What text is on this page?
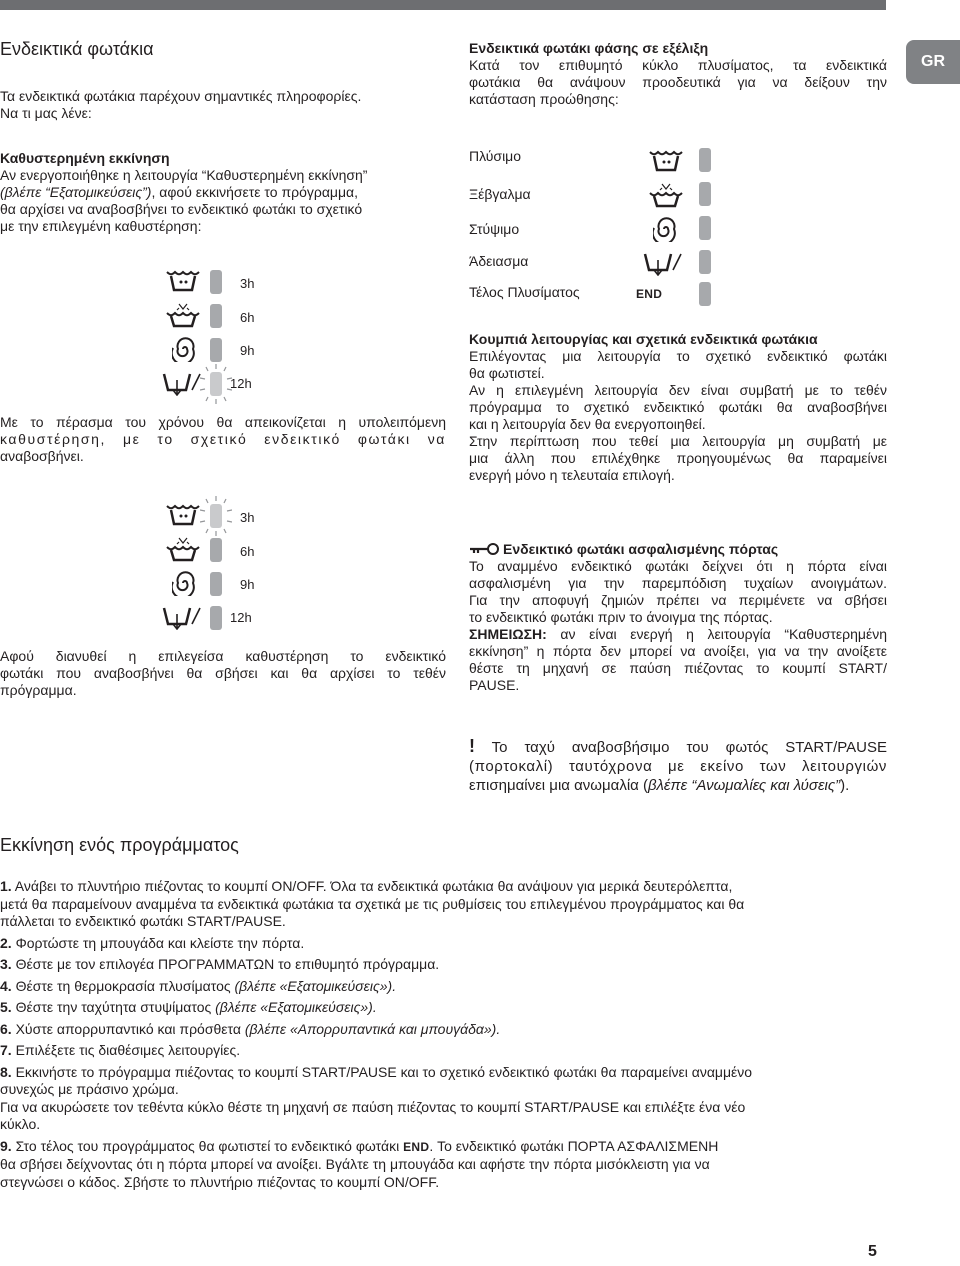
GR
Ενδεικτικά φωτάκια

Τα ενδεικτικά φωτάκια παρέχουν σημαντικές πληροφορίες.

Να τι μας λένε:

Καθυστερημένη εκκίνηση

Αν ενεργοποιήθηκε η λειτουργία “Καθυστερημένη εκκίνηση”

(βλέπε “Εξατομικεύσεις”), αφού εκκινήσετε το πρόγραμμα,

θα αρχίσει να αναβοσβήνει το ενδεικτικό φωτάκι το σχετικό

με την επιλεγμένη καθυστέρηση:

3h
6h
9h
12h

Με το πέρασμα του χρόνου θα απεικονίζεται η υπολειπόμενη

καθυστέρηση, με το σχετικό ενδεικτικό φωτάκι να

αναβοσβήνει.

3h
6h
9h
12h

Αφού διανυθεί η επιλεγείσα καθυστέρηση το ενδεικτικό

φωτάκι που αναβοσβήνει θα σβήσει και θα αρχίσει το τεθέν

πρόγραμμα.

Ενδεικτικά φωτάκι φάσης σε εξέλιξη

Κατά τον επιθυμητό κύκλο πλυσίματος, τα ενδεικτικά

φωτάκια θα ανάψουν προοδευτικά για να δείξουν την

κατάσταση προώθησης:

Πλύσιμο
Ξέβγαλμα
Στύψιμο
Άδειασμα
Τέλος Πλυσίματος	END

Κουμπιά λειτουργίας και σχετικά ενδεικτικά φωτάκια

Επιλέγοντας μια λειτουργία το σχετικό ενδεικτικό φωτάκι

θα φωτιστεί.

Αν η επιλεγμένη λειτουργία δεν είναι συμβατή με το τεθέν

πρόγραμμα το σχετικό ενδεικτικό φωτάκι θα αναβοσβήνει

και η λειτουργία δεν θα ενεργοποιηθεί.

Στην περίπτωση που τεθεί μια λειτουργία μη συμβατή με

μια άλλη που επιλέχθηκε προηγουμένως θα παραμείνει

ενεργή μόνο η τελευταία επιλογή.

Ενδεικτικό φωτάκι ασφαλισμένης πόρτας

Το αναμμένο ενδεικτικό φωτάκι δείχνει ότι η πόρτα είναι

ασφαλισμένη για την παρεμπόδιση τυχαίων ανοιγμάτων.

Για την αποφυγή ζημιών πρέπει να περιμένετε να σβήσει

το ενδεικτικό φωτάκι πριν το άνοιγμα της πόρτας.

ΣΗΜΕΙΩΣΗ: αν είναι ενεργή η λειτουργία “Καθυστερημένη

εκκίνηση” η πόρτα δεν μπορεί να ανοίξει, για να την ανοίξετε

θέστε τη μηχανή σε παύση πιέζοντας το κουμπί START/

PAUSE.

! Το ταχύ αναβοσβήσιμο του φωτός START/PAUSE

(πορτοκαλί) ταυτόχρονα με εκείνο των λειτουργιών

επισημαίνει μια ανωμαλία (βλέπε “Ανωμαλίες και λύσεις”).

Εκκίνηση ενός προγράμματος

1. Ανάβει το πλυντήριο πιέζοντας το κουμπί ON/OFF. Όλα τα ενδεικτικά φωτάκια θα ανάψουν για μερικά δευτερόλεπτα,

μετά θα παραμείνουν αναμμένα τα ενδεικτικά φωτάκια τα σχετικά με τις ρυθμίσεις του επιλεγμένου προγράμματος και θα

πάλλεται το ενδεικτικό φωτάκι START/PAUSE.

2. Φορτώστε τη μπουγάδα και κλείστε την πόρτα.

3. Θέστε με τον επιλογέα ΠΡΟΓΡΑΜΜΑΤΩΝ το επιθυμητό πρόγραμμα.

4. Θέστε τη θερμοκρασία πλυσίματος (βλέπε «Εξατομικεύσεις»).

5. Θέστε την ταχύτητα στυψίματος (βλέπε «Εξατομικεύσεις»).

6. Χύστε απορρυπαντικό και πρόσθετα (βλέπε «Απορρυπαντικά και μπουγάδα»).

7. Επιλέξετε τις διαθέσιμες λειτουργίες.

8. Εκκινήστε το πρόγραμμα πιέζοντας το κουμπί START/PAUSE και το σχετικό ενδεικτικό φωτάκι θα παραμείνει αναμμένο

συνεχώς με πράσινο χρώμα.

Για να ακυρώσετε τον τεθέντα κύκλο θέστε τη μηχανή σε παύση πιέζοντας το κουμπί START/PAUSE και επιλέξτε ένα νέο

κύκλο.

9. Στο τέλος του προγράμματος θα φωτιστεί το ενδεικτικό φωτάκι END. Το ενδεικτικό φωτάκι ΠΟΡΤΑ ΑΣΦΑΛΙΣΜΕΝΗ

θα σβήσει δείχνοντας ότι η πόρτα μπορεί να ανοίξει. Βγάλτε τη μπουγάδα και αφήστε την πόρτα μισόκλειστη για να

στεγνώσει ο κάδος. Σβήστε το πλυντήριο πιέζοντας το κουμπί ON/OFF.

5
